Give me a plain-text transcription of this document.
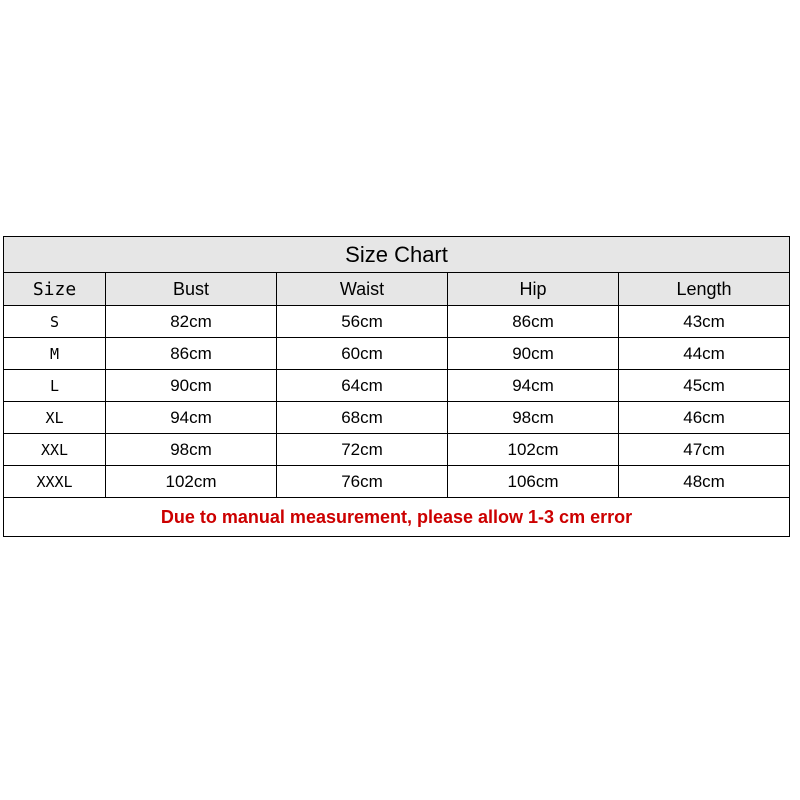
Size Chart				
Size	Bust	Waist	Hip	Length
S	82cm	56cm	86cm	43cm
M	86cm	60cm	90cm	44cm
L	90cm	64cm	94cm	45cm
XL	94cm	68cm	98cm	46cm
XXL	98cm	72cm	102cm	47cm
XXXL	102cm	76cm	106cm	48cm
Due to manual measurement, please allow 1-3 cm error				
